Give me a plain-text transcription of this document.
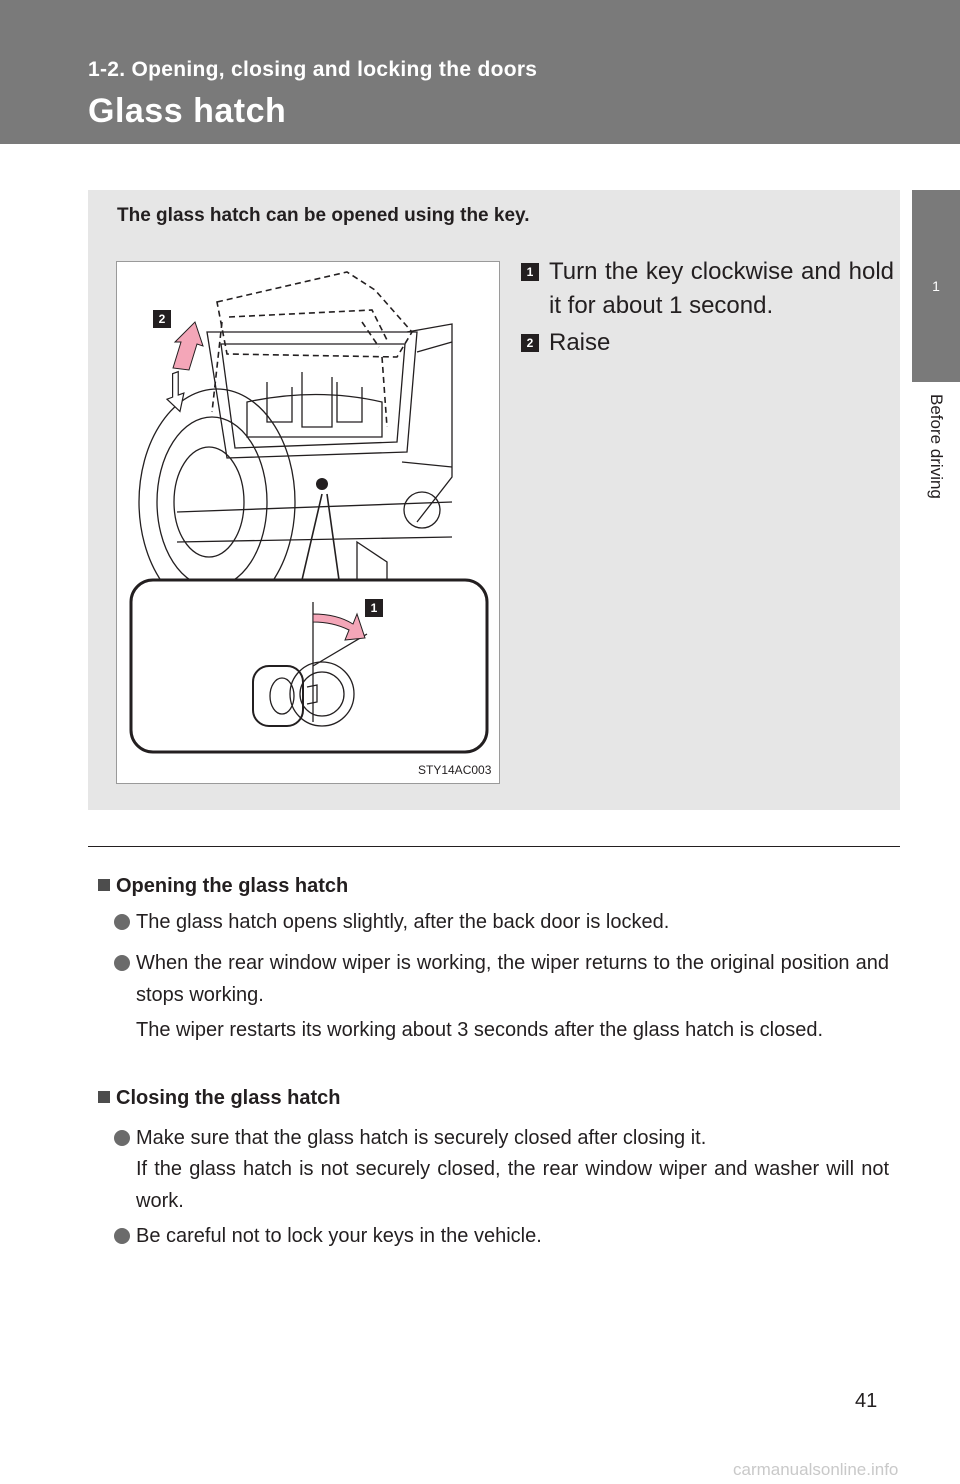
1-2. Opening, closing and locking the doors
Glass hatch
1
Before driving
The glass hatch can be opened using the key.
2
1
STY14AC003
1 Turn the key clockwise and hold it for about 1 second.
2 Raise
Opening the glass hatch
The glass hatch opens slightly, after the back door is locked.
When the rear window wiper is working, the wiper returns to the original position and stops working.
The wiper restarts its working about 3 seconds after the glass hatch is closed.
Closing the glass hatch
Make sure that the glass hatch is securely closed after closing it.
If the glass hatch is not securely closed, the rear window wiper and washer will not work.
Be careful not to lock your keys in the vehicle.
41
carmanualsonline.info
